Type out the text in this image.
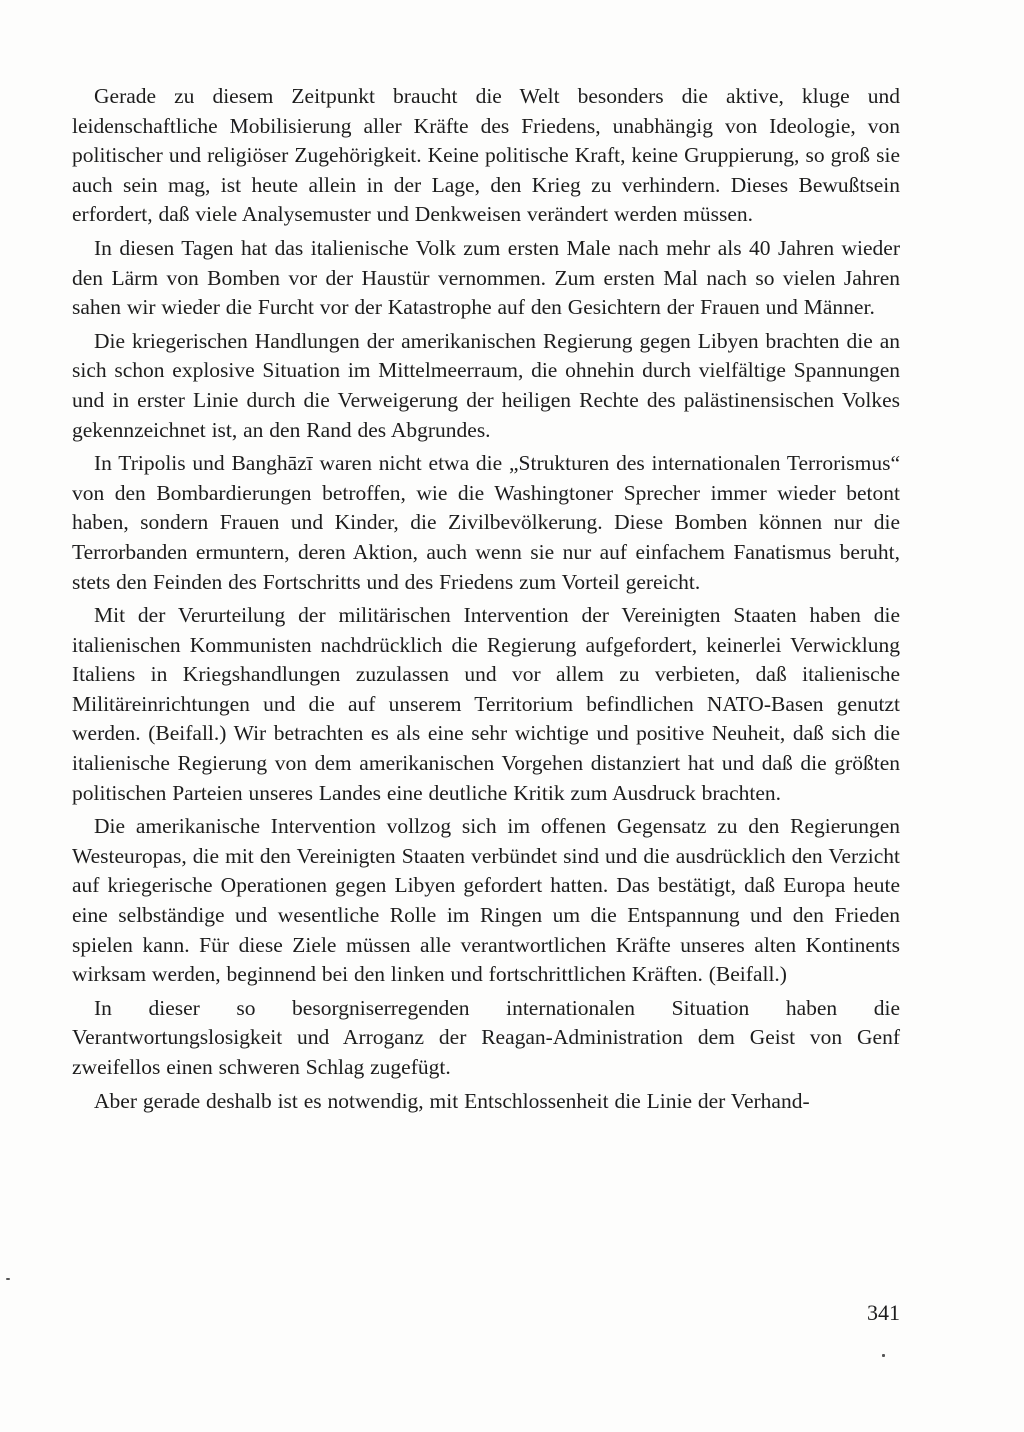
Gerade zu diesem Zeitpunkt braucht die Welt besonders die aktive, kluge und leidenschaftliche Mobilisierung aller Kräfte des Friedens, unabhängig von Ideologie, von politischer und religiöser Zugehörigkeit. Keine politische Kraft, keine Gruppierung, so groß sie auch sein mag, ist heute allein in der Lage, den Krieg zu verhindern. Dieses Bewußtsein erfordert, daß viele Analysemuster und Denkweisen verändert werden müssen.

In diesen Tagen hat das italienische Volk zum ersten Male nach mehr als 40 Jahren wieder den Lärm von Bomben vor der Haustür vernommen. Zum ersten Mal nach so vielen Jahren sahen wir wieder die Furcht vor der Katastrophe auf den Gesichtern der Frauen und Männer.

Die kriegerischen Handlungen der amerikanischen Regierung gegen Libyen brachten die an sich schon explosive Situation im Mittelmeerraum, die ohnehin durch vielfältige Spannungen und in erster Linie durch die Verweigerung der heiligen Rechte des palästinensischen Volkes gekennzeichnet ist, an den Rand des Abgrundes.

In Tripolis und Banghāzī waren nicht etwa die „Strukturen des internationalen Terrorismus“ von den Bombardierungen betroffen, wie die Washingtoner Sprecher immer wieder betont haben, sondern Frauen und Kinder, die Zivilbevölkerung. Diese Bomben können nur die Terrorbanden ermuntern, deren Aktion, auch wenn sie nur auf einfachem Fanatismus beruht, stets den Feinden des Fortschritts und des Friedens zum Vorteil gereicht.

Mit der Verurteilung der militärischen Intervention der Vereinigten Staaten haben die italienischen Kommunisten nachdrücklich die Regierung aufgefordert, keinerlei Verwicklung Italiens in Kriegshandlungen zuzulassen und vor allem zu verbieten, daß italienische Militäreinrichtungen und die auf unserem Territorium befindlichen NATO-Basen genutzt werden. (Beifall.) Wir betrachten es als eine sehr wichtige und positive Neuheit, daß sich die italienische Regierung von dem amerikanischen Vorgehen distanziert hat und daß die größten politischen Parteien unseres Landes eine deutliche Kritik zum Ausdruck brachten.

Die amerikanische Intervention vollzog sich im offenen Gegensatz zu den Regierungen Westeuropas, die mit den Vereinigten Staaten verbündet sind und die ausdrücklich den Verzicht auf kriegerische Operationen gegen Libyen gefordert hatten. Das bestätigt, daß Europa heute eine selbständige und wesentliche Rolle im Ringen um die Entspannung und den Frieden spielen kann. Für diese Ziele müssen alle verantwortlichen Kräfte unseres alten Kontinents wirksam werden, beginnend bei den linken und fortschrittlichen Kräften. (Beifall.)

In dieser so besorgniserregenden internationalen Situation haben die Verantwortungslosigkeit und Arroganz der Reagan-Administration dem Geist von Genf zweifellos einen schweren Schlag zugefügt.

Aber gerade deshalb ist es notwendig, mit Entschlossenheit die Linie der Verhand-

341
